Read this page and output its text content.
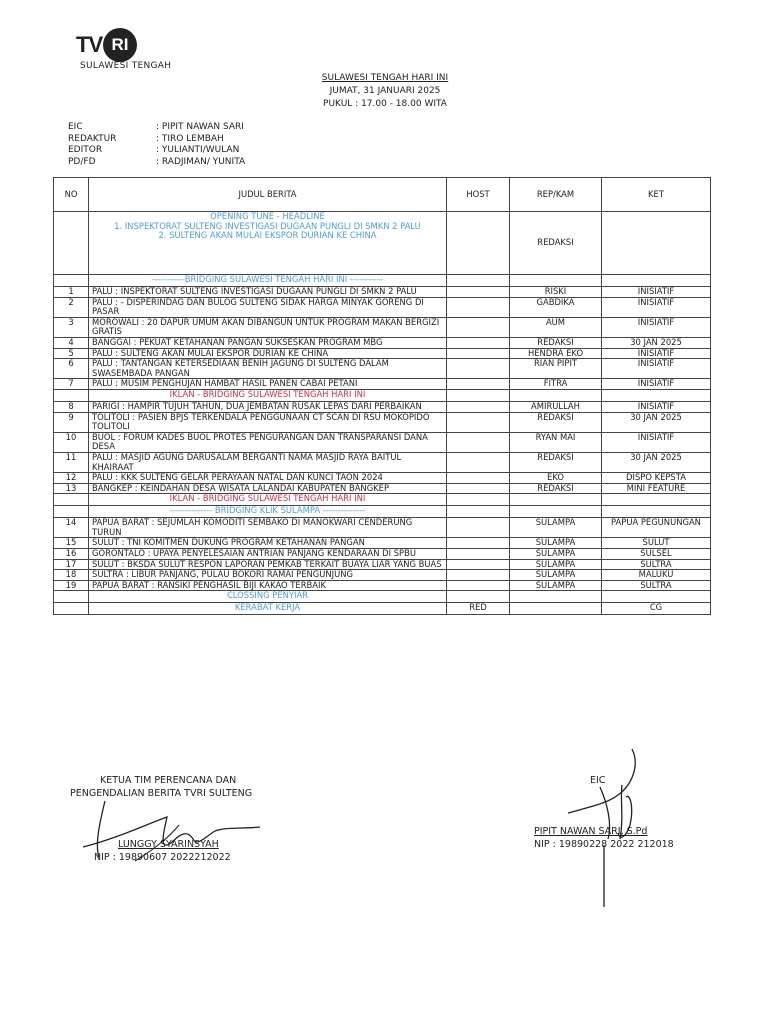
TV RI
SULAWESI TENGAH
SULAWESI TENGAH HARI INI
JUMAT, 31 JANUARI 2025
PUKUL : 17.00 - 18.00 WITA
EIC	: PIPIT NAWAN SARI
REDAKTUR	: TIRO LEMBAH
EDITOR	: YULIANTI/WULAN
PD/FD	: RADJIMAN/ YUNITA
NO	JUDUL BERITA	HOST	REP/KAM	KET

	OPENING TUNE - HEADLINE
1. INSPEKTORAT SULTENG INVESTIGASI DUGAAN PUNGLI DI SMKN 2 PALU
2. SULTENG AKAN MULAI EKSPOR DURIAN KE CHINA		REDAKSI	
	-----------BRIDGING SULAWESI TENGAH HARI INI -----------			
1	PALU : INSPEKTORAT SULTENG INVESTIGASI DUGAAN PUNGLI DI SMKN 2 PALU		RISKI	INISIATIF
2	PALU : - DISPERINDAG DAN BULOG SULTENG SIDAK HARGA MINYAK GORENG DI PASAR		GABDIKA	INISIATIF
3	MOROWALI : 20 DAPUR UMUM AKAN DIBANGUN UNTUK PROGRAM MAKAN BERGIZI GRATIS		AUM	INISIATIF
4	BANGGAI : PEKUAT KETAHANAN PANGAN SUKSESKAN PROGRAM MBG		REDAKSI	30 JAN 2025
5	PALU : SULTENG AKAN MULAI EKSPOR DURIAN KE CHINA		HENDRA EKO	INISIATIF
6	PALU : TANTANGAN KETERSEDIAAN BENIH JAGUNG DI SULTENG DALAM SWASEMBADA PANGAN		RIAN PIPIT	INISIATIF
7	PALU : MUSIM PENGHUJAN HAMBAT HASIL PANEN CABAI PETANI		FITRA	INISIATIF
	IKLAN - BRIDGING SULAWESI TENGAH HARI INI			
8	PARIGI : HAMPIR TUJUH TAHUN, DUA JEMBATAN RUSAK LEPAS DARI PERBAIKAN		AMIRULLAH	INISIATIF
9	TOLITOLI : PASIEN BPJS TERKENDALA PENGGUNAAN CT SCAN DI RSU MOKOPIDO TOLITOLI		REDAKSI	30 JAN 2025
10	BUOL : FORUM KADES BUOL PROTES PENGURANGAN DAN TRANSPARANSI DANA DESA		RYAN MAI	INISIATIF
11	PALU : MASJID AGUNG DARUSALAM BERGANTI NAMA MASJID RAYA BAITUL KHAIRAAT		REDAKSI	30 JAN 2025
12	PALU : KKK SULTENG GELAR PERAYAAN NATAL DAN KUNCI TAON 2024		EKO	DISPO KEPSTA
13	BANGKEP : KEINDAHAN DESA WISATA LALANDAI KABUPATEN BANGKEP		REDAKSI	MINI FEATURE
	IKLAN - BRIDGING SULAWESI TENGAH HARI INI			
	-------------- BRIDGING KLIK SULAMPA --------------			
14	PAPUA BARAT : SEJUMLAH KOMODITI SEMBAKO DI MANOKWARI CENDERUNG TURUN		SULAMPA	PAPUA PEGUNUNGAN
15	SULUT : TNI KOMITMEN DUKUNG PROGRAM KETAHANAN PANGAN		SULAMPA	SULUT
16	GORONTALO : UPAYA PENYELESAIAN ANTRIAN PANJANG KENDARAAN DI SPBU		SULAMPA	SULSEL
17	SULUT : BKSDA SULUT RESPON LAPORAN PEMKAB TERKAIT BUAYA LIAR YANG BUAS		SULAMPA	SULTRA
18	SULTRA : LIBUR PANJANG, PULAU BOKORI RAMAI PENGUNJUNG		SULAMPA	MALUKU
19	PAPUA BARAT : RANSIKI PENGHASIL BIJI KAKAO TERBAIK		SULAMPA	SULTRA
	CLOSSING PENYIAR			
	KERABAT KERJA	RED		CG
KETUA TIM PERENCANA DAN
PENGENDALIAN BERITA TVRI SULTENG
LUNGGY SYARINSYAH
NIP : 19890607 2022212022
EIC
PIPIT NAWAN SARI, S.Pd
NIP : 19890228 2022 212018
